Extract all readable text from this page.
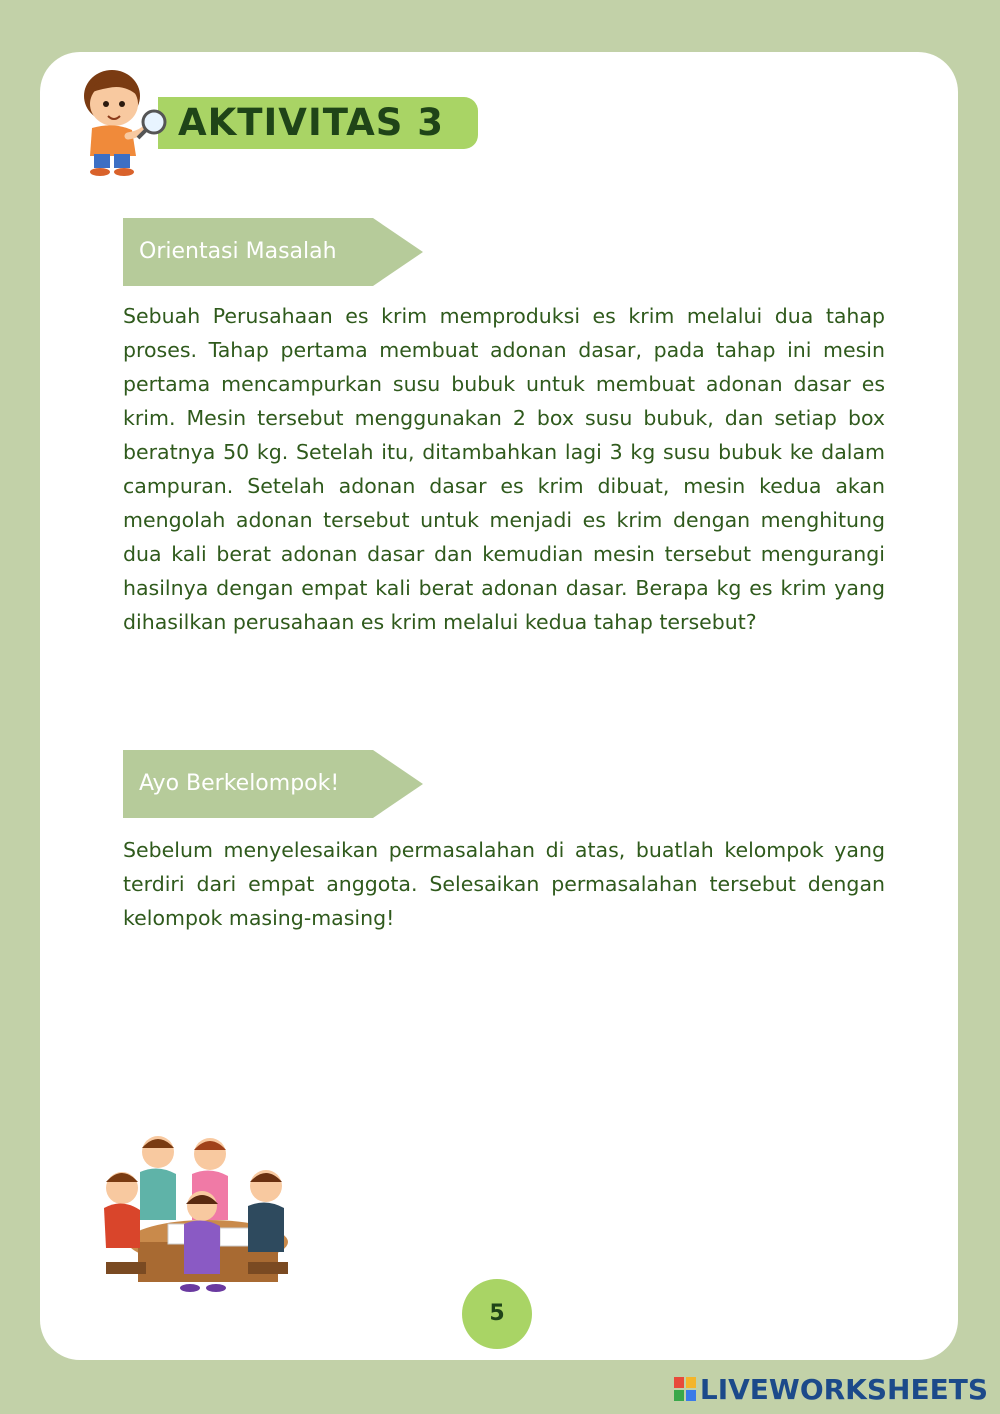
AKTIVITAS 3
Orientasi Masalah

Sebuah Perusahaan es krim memproduksi es krim melalui dua tahap proses. Tahap pertama membuat adonan dasar, pada tahap ini mesin pertama mencampurkan susu bubuk untuk membuat adonan dasar es krim. Mesin tersebut menggunakan 2 box susu bubuk, dan setiap box beratnya 50 kg. Setelah itu, ditambahkan lagi 3 kg susu bubuk ke dalam campuran. Setelah adonan dasar es krim dibuat, mesin kedua akan mengolah adonan tersebut untuk menjadi es krim dengan menghitung dua kali berat adonan dasar dan kemudian mesin tersebut mengurangi hasilnya dengan empat kali berat adonan dasar. Berapa kg es krim yang dihasilkan perusahaan es krim melalui kedua tahap tersebut?

Ayo Berkelompok!

Sebelum menyelesaikan permasalahan di atas, buatlah kelompok yang terdiri dari empat anggota. Selesaikan permasalahan tersebut dengan kelompok masing-masing!

5
LIVEWORKSHEETS
